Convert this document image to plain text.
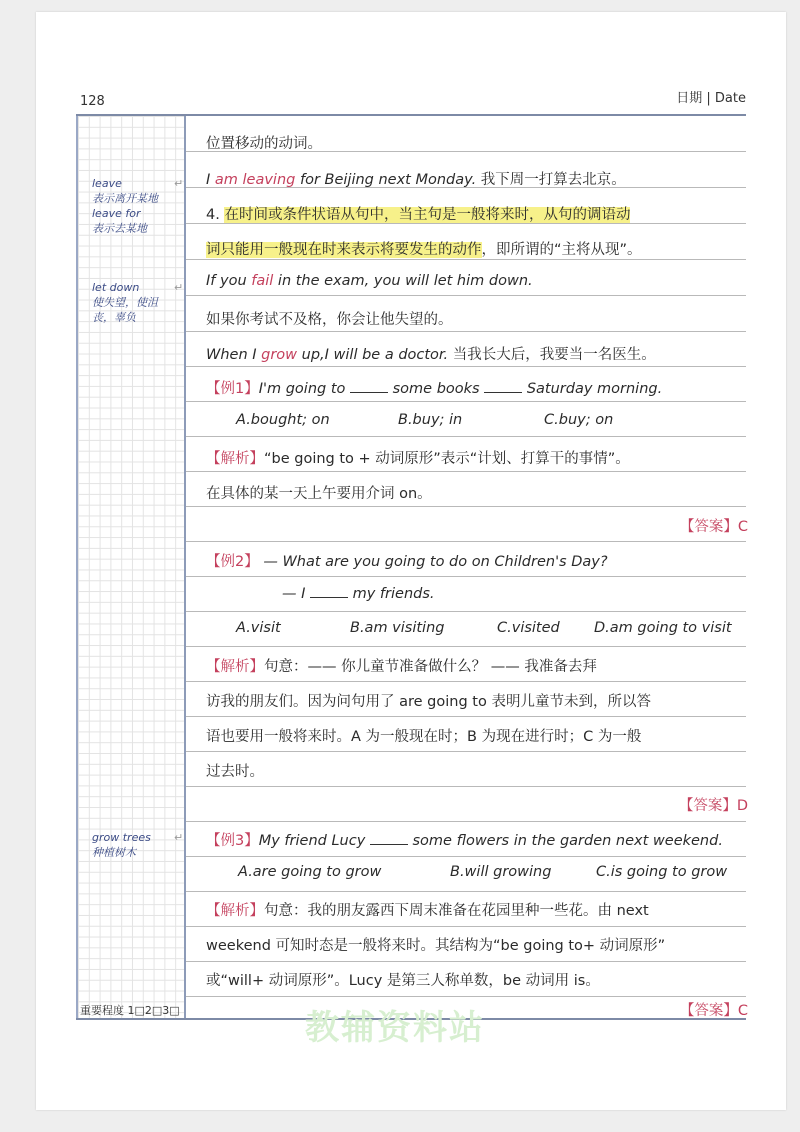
128	日期 | Date
↵
leave
表示离开某地
leave for
表示去某地
↵
let down
使失望，使沮丧，辜负
↵
grow trees
种植树木
位置移动的动词。
I am leaving for Beijing next Monday. 我下周一打算去北京。
4. 在时间或条件状语从句中，当主句是一般将来时，从句的调语动
词只能用一般现在时来表示将要发生的动作，即所谓的“主将从现”。
If you fail in the exam, you will let him down.
如果你考试不及格，你会让他失望的。
When I grow up,I will be a doctor. 当我长大后，我要当一名医生。
【例1】I'm going to	some books	Saturday morning.
A.bought; on	B.buy; in	C.buy; on
【解析】“be going to + 动词原形”表示“计划、打算干的事情”。
在具体的某一天上午要用介词 on。
【答案】C
【例2】 — What are you going to do on Children's Day?
— I	my friends.
A.visit	B.am visiting	C.visited D.am going to visit
【解析】句意：—— 你儿童节准备做什么？ —— 我准备去拜
访我的朋友们。因为问句用了 are going to 表明儿童节未到，所以答
语也要用一般将来时。A 为一般现在时；B 为现在进行时；C 为一般
过去时。
【答案】D
【例3】My friend Lucy	some flowers in the garden next weekend.
A.are going to grow	B.will growing	C.is going to grow
【解析】句意：我的朋友露西下周末准备在花园里种一些花。由 next
weekend 可知时态是一般将来时。其结构为“be going to+ 动词原形”
或“will+ 动词原形”。Lucy 是第三人称单数，be 动词用 is。
【答案】C
重要程度 1□2□3□	教辅资料站
